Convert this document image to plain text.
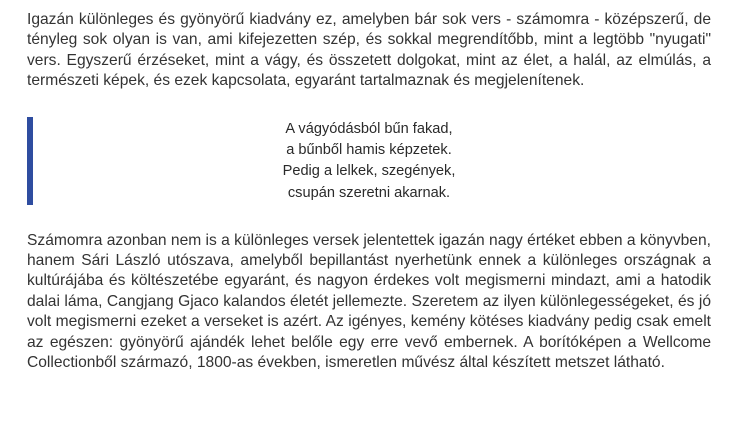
Igazán különleges és gyönyörű kiadvány ez, amelyben bár sok vers - számomra - középszerű, de tényleg sok olyan is van, ami kifejezetten szép, és sokkal megrendítőbb, mint a legtöbb "nyugati" vers. Egyszerű érzéseket, mint a vágy, és összetett dolgokat, mint az élet, a halál, az elmúlás, a természeti képek, és ezek kapcsolata, egyaránt tartalmaznak és megjelenítenek.

A vágyódásból bűn fakad,
a bűnből hamis képzetek.
Pedig a lelkek, szegények,
csupán szeretni akarnak.

Számomra azonban nem is a különleges versek jelentettek igazán nagy értéket ebben a könyvben, hanem Sári László utószava, amelyből bepillantást nyerhetünk ennek a különleges országnak a kultúrájába és költészetébe egyaránt, és nagyon érdekes volt megismerni mindazt, ami a hatodik dalai láma, Cangjang Gjaco kalandos életét jellemezte. Szeretem az ilyen különlegességeket, és jó volt megismerni ezeket a verseket is azért. Az igényes, kemény kötéses kiadvány pedig csak emelt az egészen: gyönyörű ajándék lehet belőle egy erre vevő embernek. A borítóképen a Wellcome Collectionből származó, 1800-as években, ismeretlen művész által készített metszet látható.
